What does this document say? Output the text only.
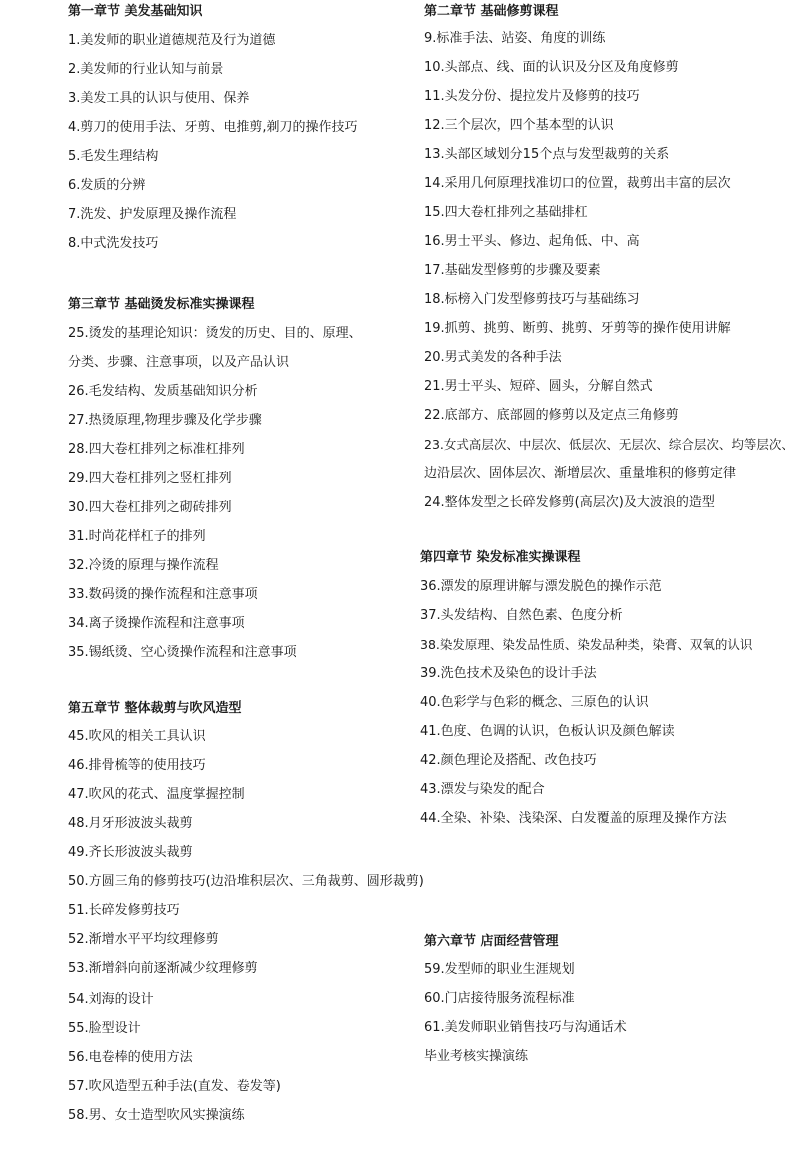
第一章节 美发基础知识
1.美发师的职业道德规范及行为道德
2.美发师的行业认知与前景
3.美发工具的认识与使用、保养
4.剪刀的使用手法、牙剪、电推剪,剃刀的操作技巧
5.毛发生理结构
6.发质的分辨
7.洗发、护发原理及操作流程
8.中式洗发技巧
第二章节 基础修剪课程
9.标准手法、站姿、角度的训练
10.头部点、线、面的认识及分区及角度修剪
11.头发分份、提拉发片及修剪的技巧
12.三个层次，四个基本型的认识
13.头部区域划分15个点与发型裁剪的关系
14.采用几何原理找准切口的位置，裁剪出丰富的层次
15.四大卷杠排列之基础排杠
16.男士平头、修边、起角低、中、高
17.基础发型修剪的步骤及要素
18.标榜入门发型修剪技巧与基础练习
19.抓剪、挑剪、断剪、挑剪、牙剪等的操作使用讲解
20.男式美发的各种手法
21.男士平头、短碎、圆头，分解自然式
22.底部方、底部圆的修剪以及定点三角修剪
23.女式高层次、中层次、低层次、无层次、综合层次、均等层次、
边沿层次、固体层次、渐增层次、重量堆积的修剪定律
24.整体发型之长碎发修剪(高层次)及大波浪的造型
第三章节 基础烫发标准实操课程
25.烫发的基理论知识：烫发的历史、目的、原理、
分类、步骤、注意事项，以及产品认识
26.毛发结构、发质基础知识分析
27.热烫原理,物理步骤及化学步骤
28.四大卷杠排列之标准杠排列
29.四大卷杠排列之竖杠排列
30.四大卷杠排列之砌砖排列
31.时尚花样杠子的排列
32.冷烫的原理与操作流程
33.数码烫的操作流程和注意事项
34.离子烫操作流程和注意事项
35.锡纸烫、空心烫操作流程和注意事项
第四章节 染发标准实操课程
36.漂发的原理讲解与漂发脱色的操作示范
37.头发结构、自然色素、色度分析
38.染发原理、染发品性质、染发品种类，染膏、双氧的认识
39.洗色技术及染色的设计手法
40.色彩学与色彩的概念、三原色的认识
41.色度、色调的认识，色板认识及颜色解读
42.颜色理论及搭配、改色技巧
43.漂发与染发的配合
44.全染、补染、浅染深、白发覆盖的原理及操作方法
第五章节 整体裁剪与吹风造型
45.吹风的相关工具认识
46.排骨梳等的使用技巧
47.吹风的花式、温度掌握控制
48.月牙形波波头裁剪
49.齐长形波波头裁剪
50.方圆三角的修剪技巧(边沿堆积层次、三角裁剪、圆形裁剪)
51.长碎发修剪技巧
52.渐增水平平均纹理修剪
53.渐增斜向前逐渐减少纹理修剪
54.刘海的设计
55.脸型设计
56.电卷棒的使用方法
57.吹风造型五种手法(直发、卷发等)
58.男、女士造型吹风实操演练
第六章节 店面经营管理
59.发型师的职业生涯规划
60.门店接待服务流程标准
61.美发师职业销售技巧与沟通话术
毕业考核实操演练
